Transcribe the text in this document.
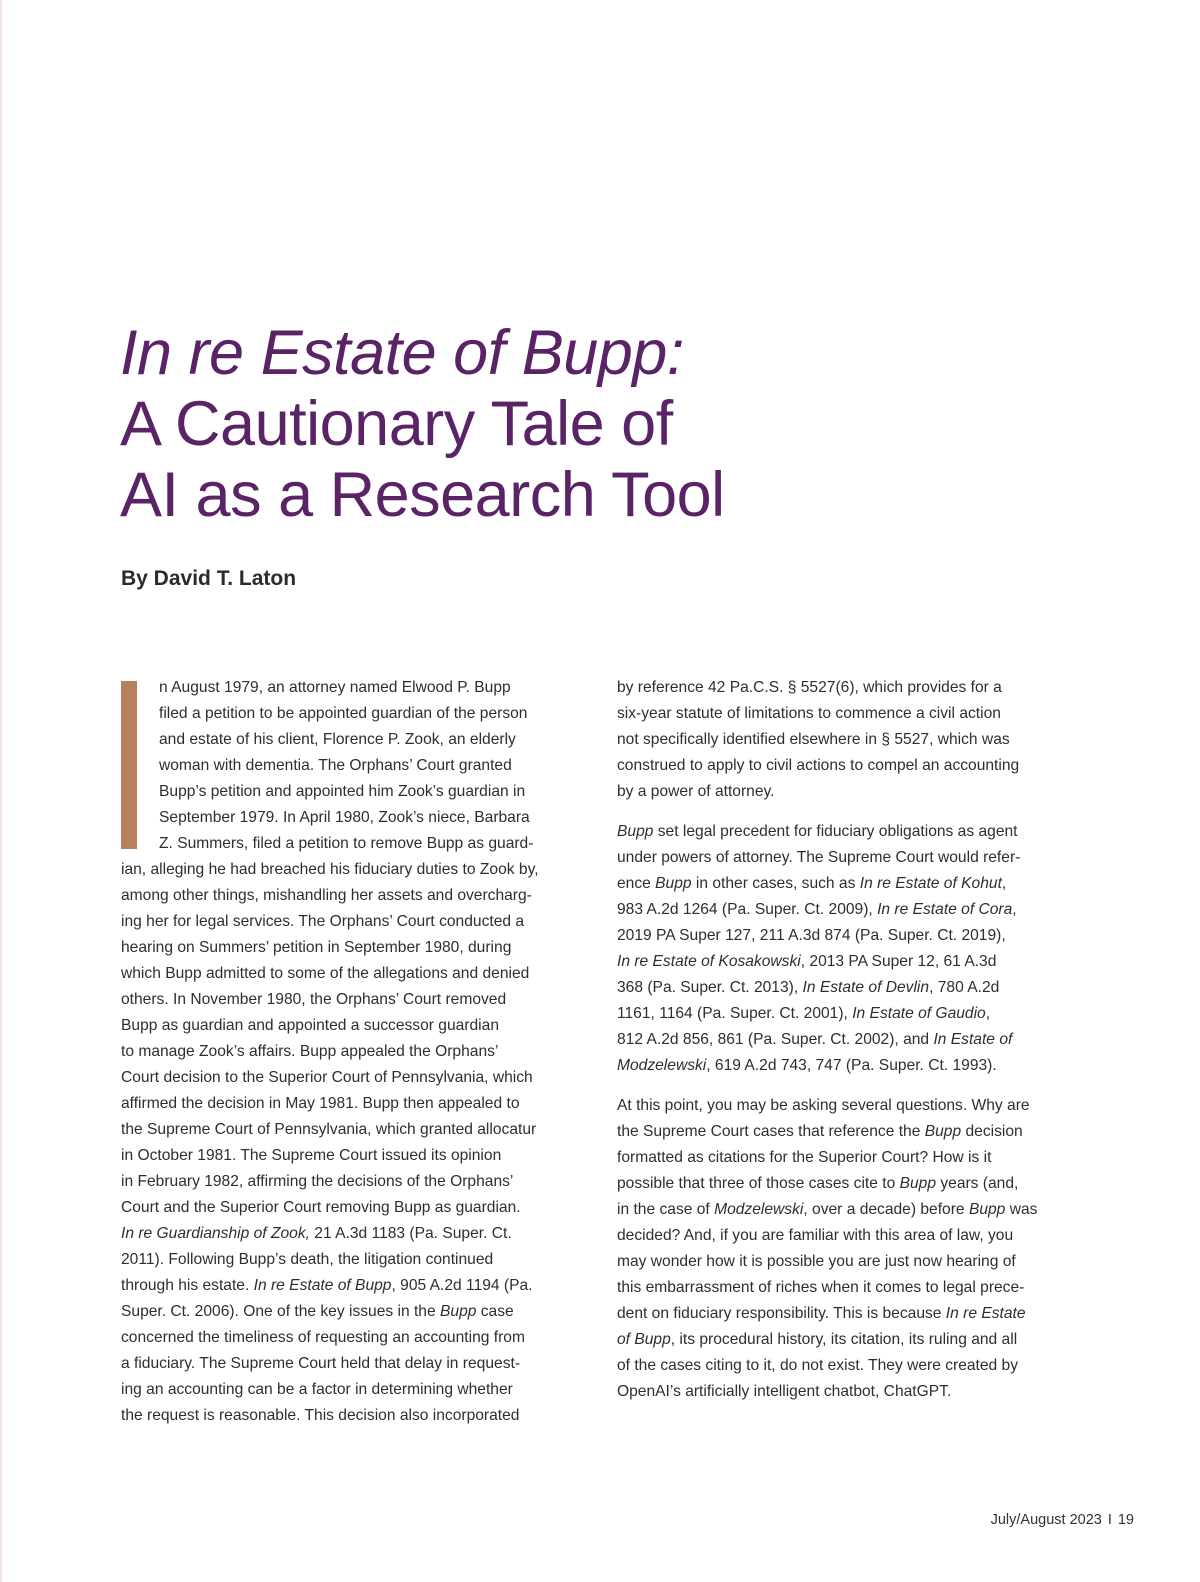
In re Estate of Bupp:
A Cautionary Tale of
AI as a Research Tool
By David T. Laton

n August 1979, an attorney named Elwood P. Bupp
filed a petition to be appointed guardian of the person
and estate of his client, Florence P. Zook, an elderly
woman with dementia. The Orphans’ Court granted
Bupp’s petition and appointed him Zook’s guardian in
September 1979. In April 1980, Zook’s niece, Barbara
Z. Summers, filed a petition to remove Bupp as guard-
ian, alleging he had breached his fiduciary duties to Zook by,
among other things, mishandling her assets and overcharg-
ing her for legal services. The Orphans’ Court conducted a
hearing on Summers’ petition in September 1980, during
which Bupp admitted to some of the allegations and denied
others. In November 1980, the Orphans’ Court removed
Bupp as guardian and appointed a successor guardian
to manage Zook’s affairs. Bupp appealed the Orphans’
Court decision to the Superior Court of Pennsylvania, which
affirmed the decision in May 1981. Bupp then appealed to
the Supreme Court of Pennsylvania, which granted allocatur
in October 1981. The Supreme Court issued its opinion
in February 1982, affirming the decisions of the Orphans’
Court and the Superior Court removing Bupp as guardian.
In re Guardianship of Zook, 21 A.3d 1183 (Pa. Super. Ct.
2011). Following Bupp’s death, the litigation continued
through his estate. In re Estate of Bupp, 905 A.2d 1194 (Pa.
Super. Ct. 2006). One of the key issues in the Bupp case
concerned the timeliness of requesting an accounting from
a fiduciary. The Supreme Court held that delay in request-
ing an accounting can be a factor in determining whether
the request is reasonable. This decision also incorporated

by reference 42 Pa.C.S. § 5527(6), which provides for a
six-year statute of limitations to commence a civil action
not specifically identified elsewhere in § 5527, which was
construed to apply to civil actions to compel an accounting
by a power of attorney.

Bupp set legal precedent for fiduciary obligations as agent
under powers of attorney. The Supreme Court would refer-
ence Bupp in other cases, such as In re Estate of Kohut,
983 A.2d 1264 (Pa. Super. Ct. 2009), In re Estate of Cora,
2019 PA Super 127, 211 A.3d 874 (Pa. Super. Ct. 2019),
In re Estate of Kosakowski, 2013 PA Super 12, 61 A.3d
368 (Pa. Super. Ct. 2013), In Estate of Devlin, 780 A.2d
1161, 1164 (Pa. Super. Ct. 2001), In Estate of Gaudio,
812 A.2d 856, 861 (Pa. Super. Ct. 2002), and In Estate of
Modzelewski, 619 A.2d 743, 747 (Pa. Super. Ct. 1993).

At this point, you may be asking several questions. Why are
the Supreme Court cases that reference the Bupp decision
formatted as citations for the Superior Court? How is it
possible that three of those cases cite to Bupp years (and,
in the case of Modzelewski, over a decade) before Bupp was
decided? And, if you are familiar with this area of law, you
may wonder how it is possible you are just now hearing of
this embarrassment of riches when it comes to legal prece-
dent on fiduciary responsibility. This is because In re Estate
of Bupp, its procedural history, its citation, its ruling and all
of the cases citing to it, do not exist. They were created by
OpenAI’s artificially intelligent chatbot, ChatGPT.

July/August 2023 I 19
